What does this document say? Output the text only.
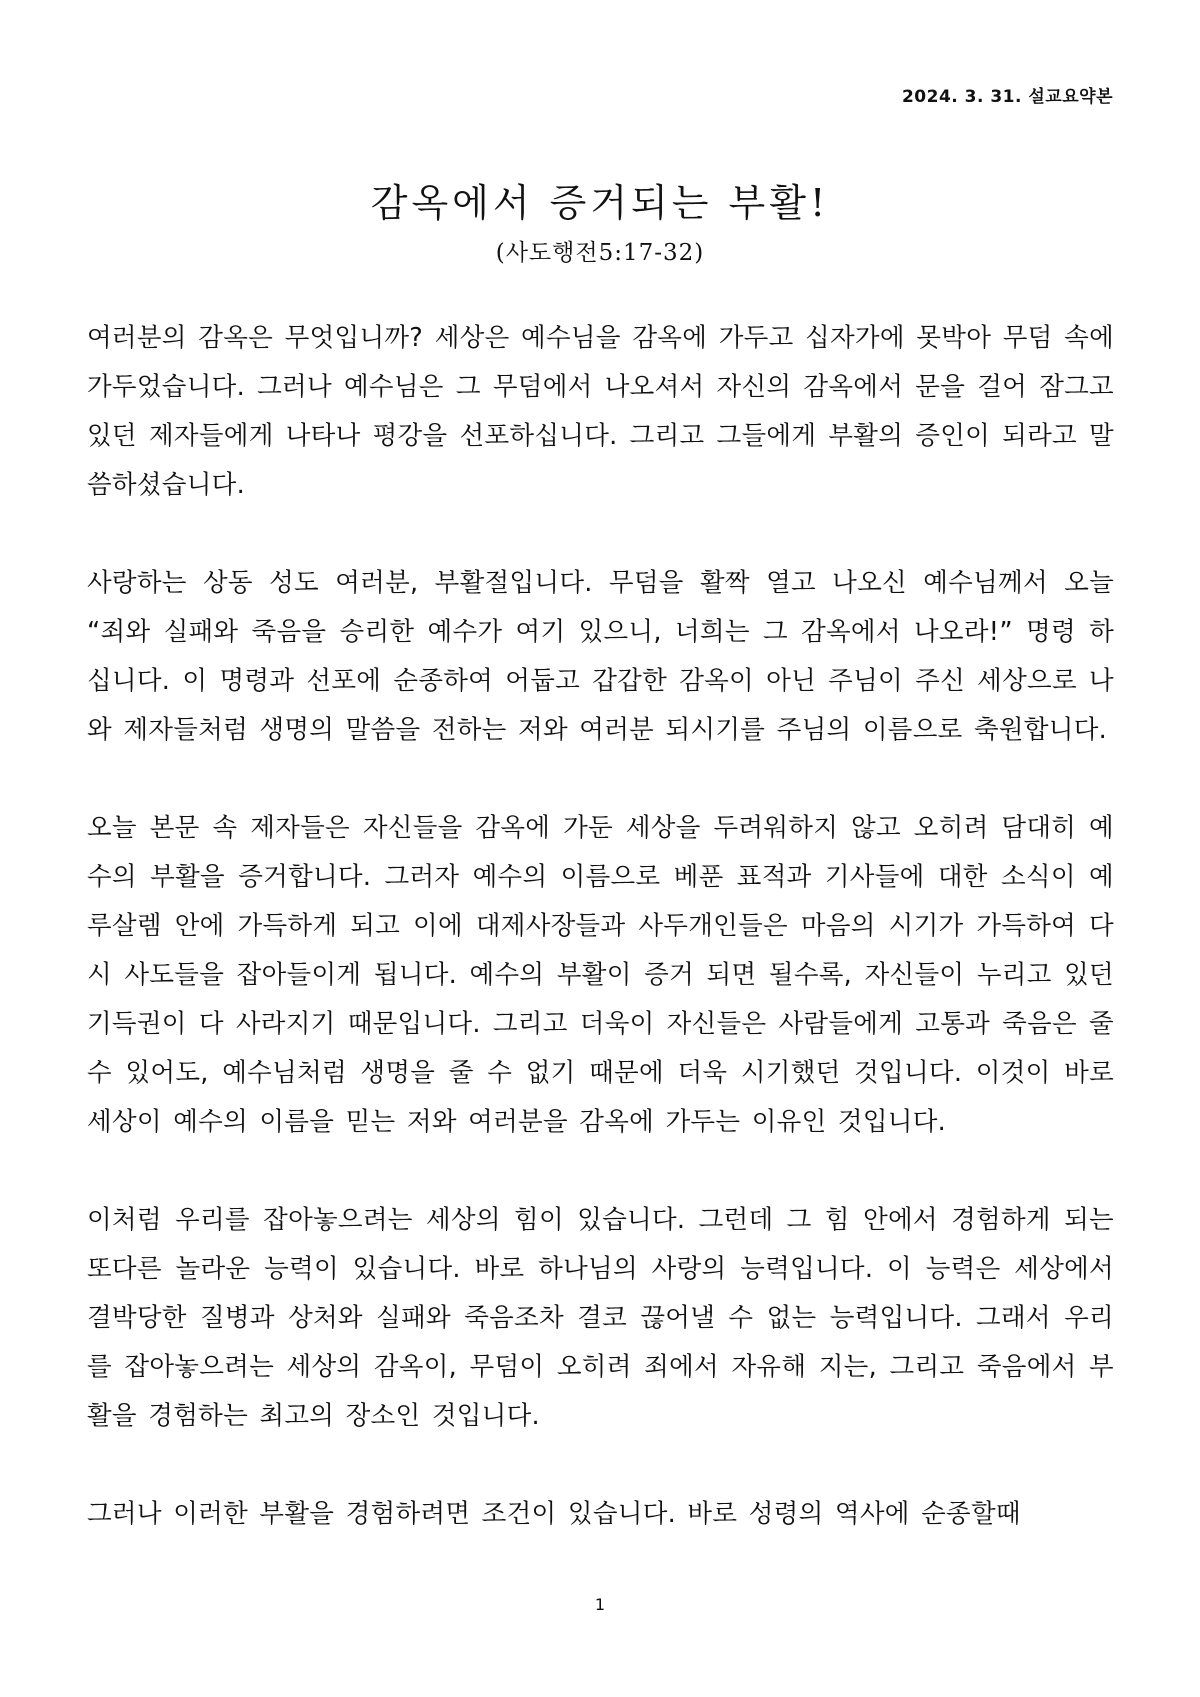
2024. 3. 31. 설교요약본
감옥에서 증거되는 부활!
(사도행전5:17-32)

여러분의 감옥은 무엇입니까? 세상은 예수님을 감옥에 가두고 십자가에 못박아 무덤 속에 가두었습니다. 그러나 예수님은 그 무덤에서 나오셔서 자신의 감옥에서 문을 걸어 잠그고 있던 제자들에게 나타나 평강을 선포하십니다. 그리고 그들에게 부활의 증인이 되라고 말씀하셨습니다.

사랑하는 상동 성도 여러분, 부활절입니다. 무덤을 활짝 열고 나오신 예수님께서 오늘 “죄와 실패와 죽음을 승리한 예수가 여기 있으니, 너희는 그 감옥에서 나오라!” 명령 하십니다. 이 명령과 선포에 순종하여 어둡고 갑갑한 감옥이 아닌 주님이 주신 세상으로 나와 제자들처럼 생명의 말씀을 전하는 저와 여러분 되시기를 주님의 이름으로 축원합니다.

오늘 본문 속 제자들은 자신들을 감옥에 가둔 세상을 두려워하지 않고 오히려 담대히 예수의 부활을 증거합니다. 그러자 예수의 이름으로 베푼 표적과 기사들에 대한 소식이 예루살렘 안에 가득하게 되고 이에 대제사장들과 사두개인들은 마음의 시기가 가득하여 다시 사도들을 잡아들이게 됩니다. 예수의 부활이 증거 되면 될수록, 자신들이 누리고 있던 기득권이 다 사라지기 때문입니다. 그리고 더욱이 자신들은 사람들에게 고통과 죽음은 줄 수 있어도, 예수님처럼 생명을 줄 수 없기 때문에 더욱 시기했던 것입니다. 이것이 바로 세상이 예수의 이름을 믿는 저와 여러분을 감옥에 가두는 이유인 것입니다.

이처럼 우리를 잡아놓으려는 세상의 힘이 있습니다. 그런데 그 힘 안에서 경험하게 되는 또다른 놀라운 능력이 있습니다. 바로 하나님의 사랑의 능력입니다. 이 능력은 세상에서 결박당한 질병과 상처와 실패와 죽음조차 결코 끊어낼 수 없는 능력입니다. 그래서 우리를 잡아놓으려는 세상의 감옥이, 무덤이 오히려 죄에서 자유해 지는, 그리고 죽음에서 부활을 경험하는 최고의 장소인 것입니다.

그러나 이러한 부활을 경험하려면 조건이 있습니다. 바로 성령의 역사에 순종할때

1
